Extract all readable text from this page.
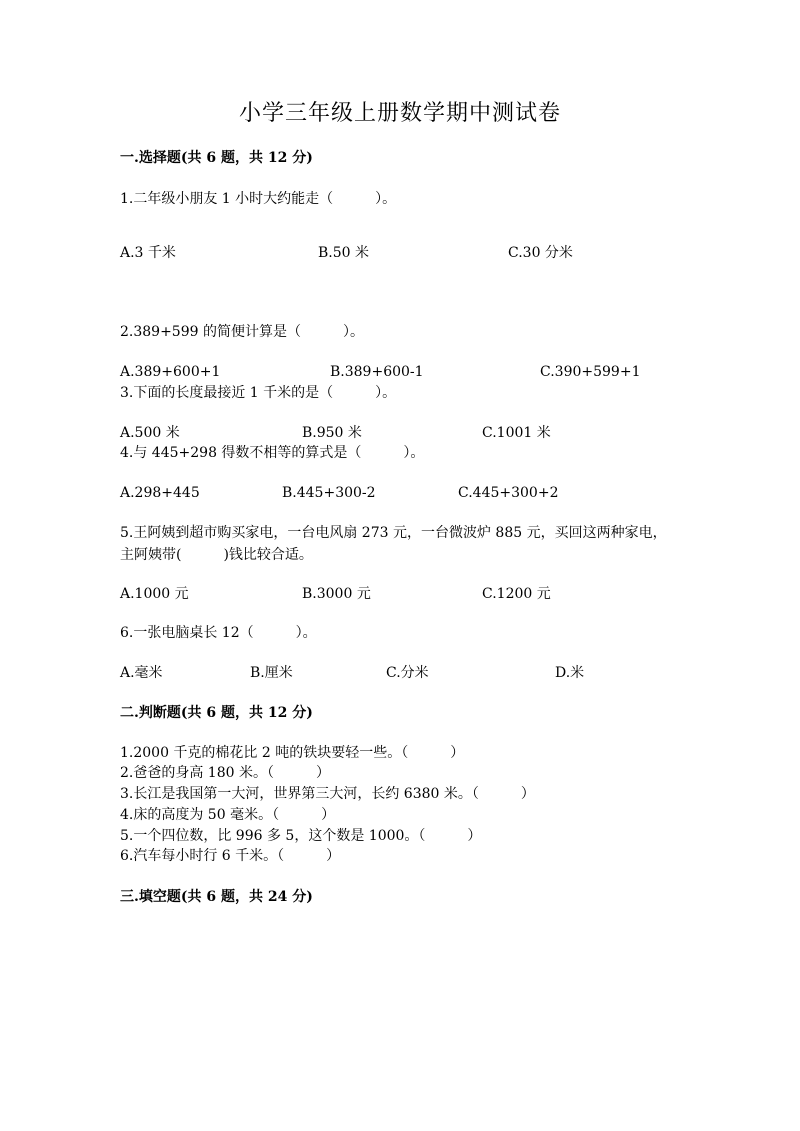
小学三年级上册数学期中测试卷
一.选择题(共 6 题，共 12 分)
1.二年级小朋友 1 小时大约能走（　　　）。
A.3 千米	B.50 米	C.30 分米
2.389+599 的简便计算是（　　　）。
A.389+600+1	B.389+600-1	C.390+599+1
3.下面的长度最接近 1 千米的是（　　　）。
A.500 米	B.950 米	C.1001 米
4.与 445+298 得数不相等的算式是（　　　）。
A.298+445	B.445+300-2	C.445+300+2
5.王阿姨到超市购买家电，一台电风扇 273 元，一台微波炉 885 元，买回这两种家电，主阿姨带(　　　)钱比较合适。
A.1000 元	B.3000 元	C.1200 元
6.一张电脑桌长 12（　　　）。
A.毫米	B.厘米	C.分米	D.米
二.判断题(共 6 题，共 12 分)
1.2000 千克的棉花比 2 吨的铁块要轻一些。（　　　）
2.爸爸的身高 180 米。（　　　）
3.长江是我国第一大河，世界第三大河，长约 6380 米。（　　　）
4.床的高度为 50 毫米。（　　　）
5.一个四位数，比 996 多 5，这个数是 1000。（　　　）
6.汽车每小时行 6 千米。（　　　）
三.填空题(共 6 题，共 24 分)
